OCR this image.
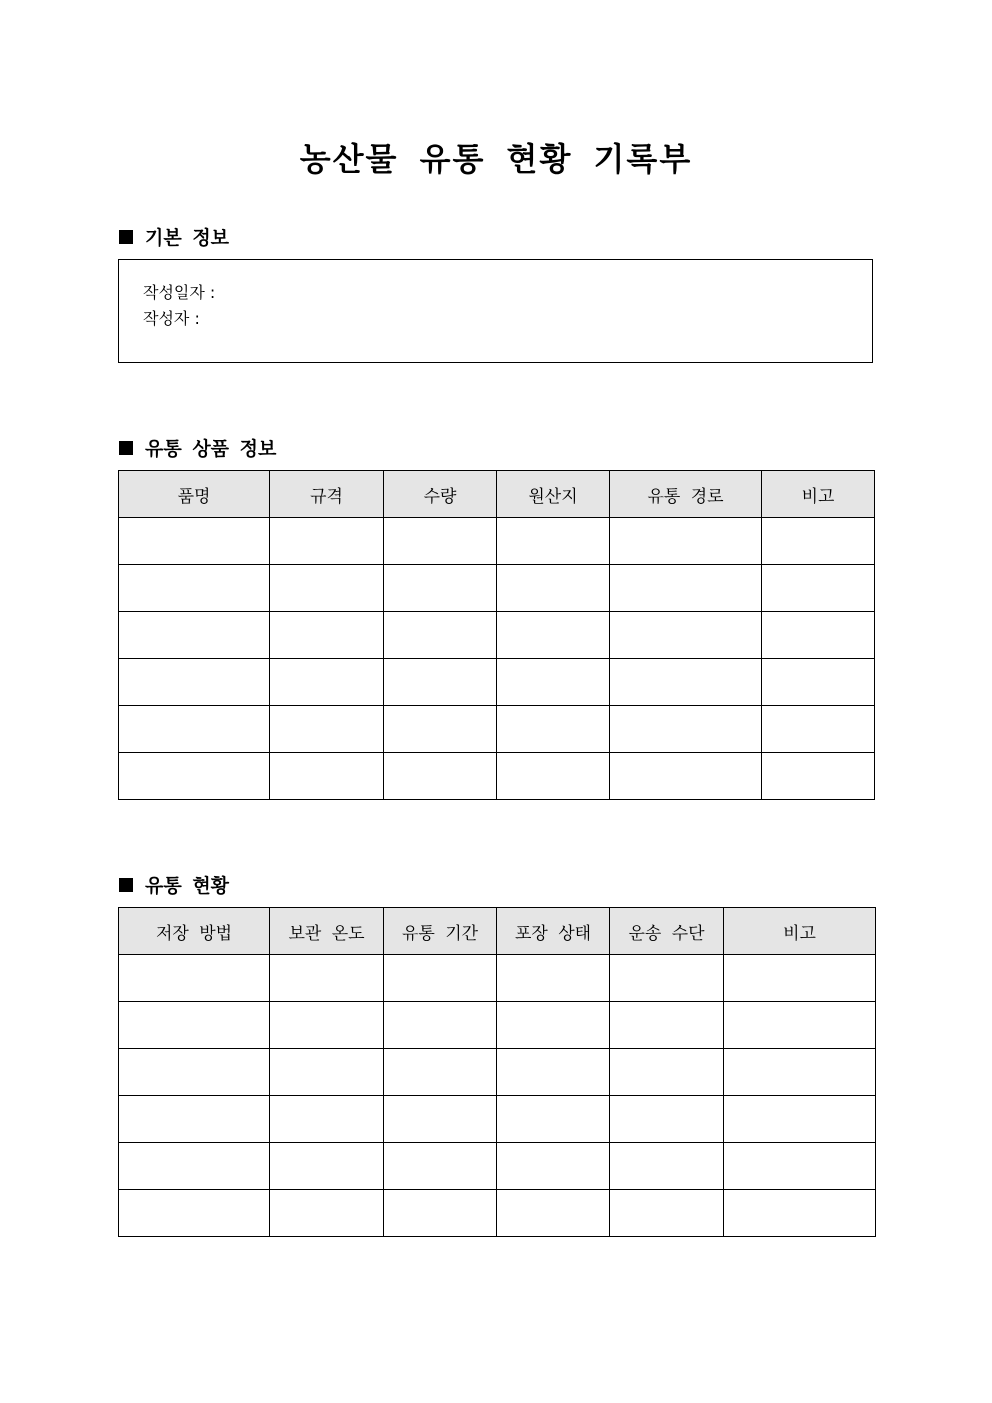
농산물 유통 현황 기록부
기본 정보
작성일자 :
작성자 :
유통 상품 정보
품명	규격	수량	원산지	유통 경로	비고

유통 현황
저장 방법	보관 온도	유통 기간	포장 상태	운송 수단	비고
